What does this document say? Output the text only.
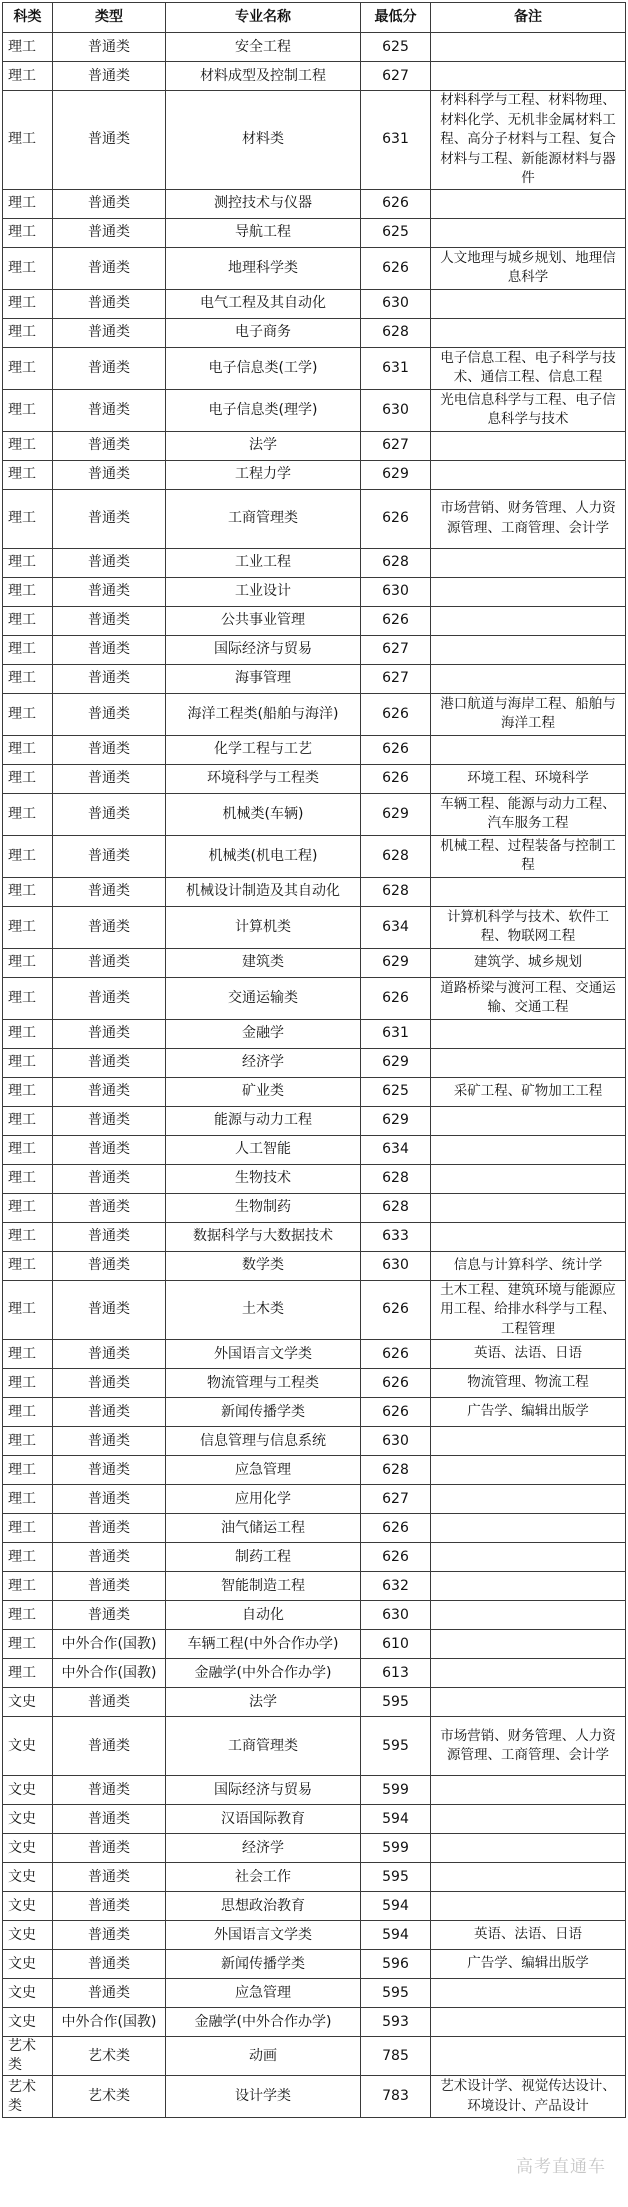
科类	类型	专业名称	最低分	备注
理工	普通类	安全工程	625	
理工	普通类	材料成型及控制工程	627	
理工	普通类	材料类	631	材料科学与工程、材料物理、材料化学、无机非金属材料工程、高分子材料与工程、复合材料与工程、新能源材料与器件
理工	普通类	测控技术与仪器	626	
理工	普通类	导航工程	625	
理工	普通类	地理科学类	626	人文地理与城乡规划、地理信息科学
理工	普通类	电气工程及其自动化	630	
理工	普通类	电子商务	628	
理工	普通类	电子信息类(工学)	631	电子信息工程、电子科学与技术、通信工程、信息工程
理工	普通类	电子信息类(理学)	630	光电信息科学与工程、电子信息科学与技术
理工	普通类	法学	627	
理工	普通类	工程力学	629	
理工	普通类	工商管理类	626	市场营销、财务管理、人力资源管理、工商管理、会计学
理工	普通类	工业工程	628	
理工	普通类	工业设计	630	
理工	普通类	公共事业管理	626	
理工	普通类	国际经济与贸易	627	
理工	普通类	海事管理	627	
理工	普通类	海洋工程类(船舶与海洋)	626	港口航道与海岸工程、船舶与海洋工程
理工	普通类	化学工程与工艺	626	
理工	普通类	环境科学与工程类	626	环境工程、环境科学
理工	普通类	机械类(车辆)	629	车辆工程、能源与动力工程、汽车服务工程
理工	普通类	机械类(机电工程)	628	机械工程、过程装备与控制工程
理工	普通类	机械设计制造及其自动化	628	
理工	普通类	计算机类	634	计算机科学与技术、软件工程、物联网工程
理工	普通类	建筑类	629	建筑学、城乡规划
理工	普通类	交通运输类	626	道路桥梁与渡河工程、交通运输、交通工程
理工	普通类	金融学	631	
理工	普通类	经济学	629	
理工	普通类	矿业类	625	采矿工程、矿物加工工程
理工	普通类	能源与动力工程	629	
理工	普通类	人工智能	634	
理工	普通类	生物技术	628	
理工	普通类	生物制药	628	
理工	普通类	数据科学与大数据技术	633	
理工	普通类	数学类	630	信息与计算科学、统计学
理工	普通类	土木类	626	土木工程、建筑环境与能源应用工程、给排水科学与工程、工程管理
理工	普通类	外国语言文学类	626	英语、法语、日语
理工	普通类	物流管理与工程类	626	物流管理、物流工程
理工	普通类	新闻传播学类	626	广告学、编辑出版学
理工	普通类	信息管理与信息系统	630	
理工	普通类	应急管理	628	
理工	普通类	应用化学	627	
理工	普通类	油气储运工程	626	
理工	普通类	制药工程	626	
理工	普通类	智能制造工程	632	
理工	普通类	自动化	630	
理工	中外合作(国教)	车辆工程(中外合作办学)	610	
理工	中外合作(国教)	金融学(中外合作办学)	613	
文史	普通类	法学	595	
文史	普通类	工商管理类	595	市场营销、财务管理、人力资源管理、工商管理、会计学
文史	普通类	国际经济与贸易	599	
文史	普通类	汉语国际教育	594	
文史	普通类	经济学	599	
文史	普通类	社会工作	595	
文史	普通类	思想政治教育	594	
文史	普通类	外国语言文学类	594	英语、法语、日语
文史	普通类	新闻传播学类	596	广告学、编辑出版学
文史	普通类	应急管理	595	
文史	中外合作(国教)	金融学(中外合作办学)	593	
艺术类	艺术类	动画	785	
艺术类	艺术类	设计学类	783	艺术设计学、视觉传达设计、环境设计、产品设计
高考直通车
